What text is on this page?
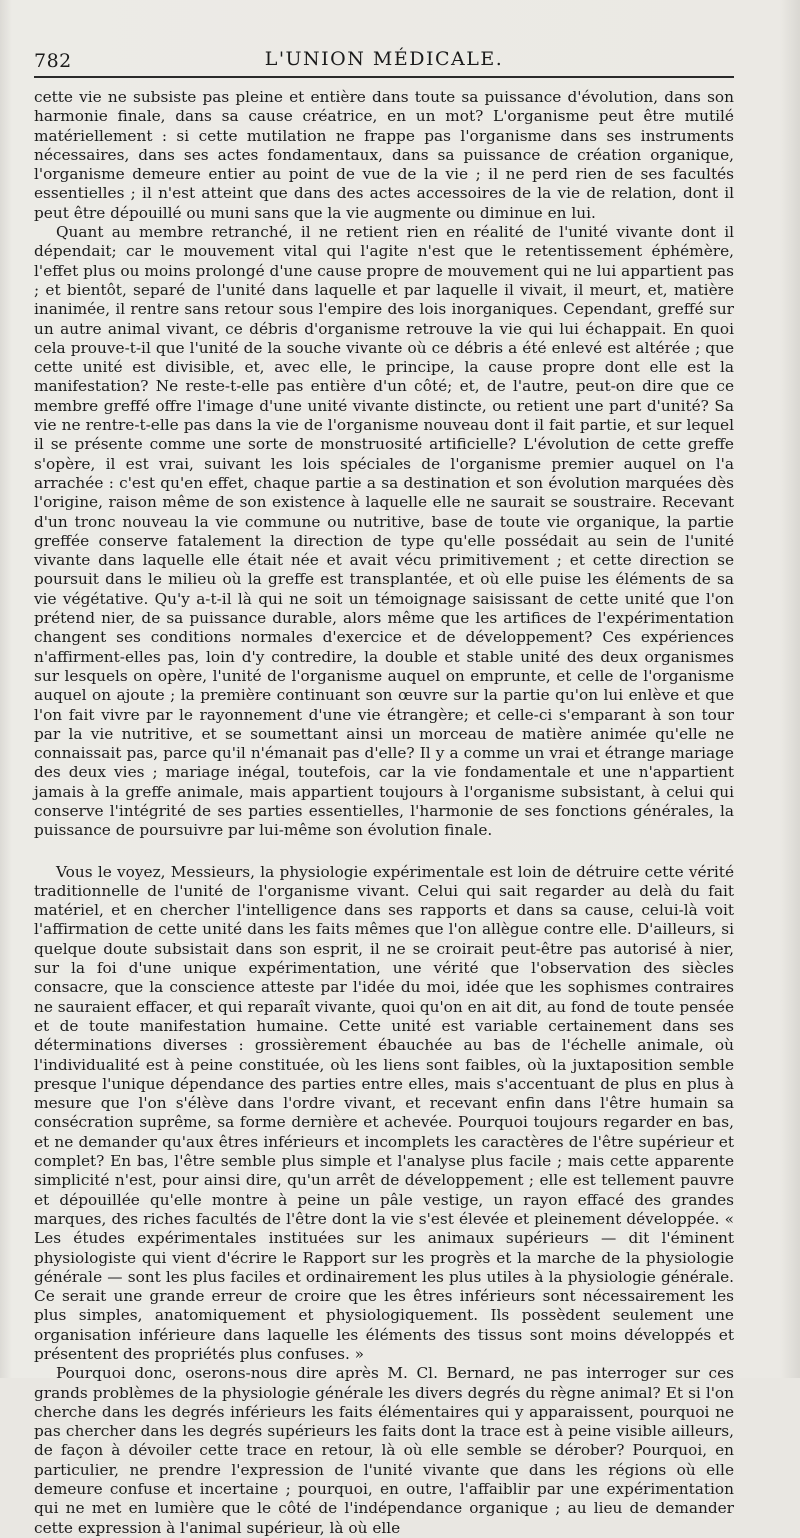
782	L'UNION MÉDICALE.

cette vie ne subsiste pas pleine et entière dans toute sa puissance d'évolution, dans son harmonie finale, dans sa cause créatrice, en un mot? L'organisme peut être mutilé matériellement : si cette mutilation ne frappe pas l'organisme dans ses instruments nécessaires, dans ses actes fondamentaux, dans sa puissance de création organique, l'organisme demeure entier au point de vue de la vie ; il ne perd rien de ses facultés essentielles ; il n'est atteint que dans des actes accessoires de la vie de relation, dont il peut être dépouillé ou muni sans que la vie augmente ou diminue en lui.

Quant au membre retranché, il ne retient rien en réalité de l'unité vivante dont il dépendait; car le mouvement vital qui l'agite n'est que le retentissement éphémère, l'effet plus ou moins prolongé d'une cause propre de mouvement qui ne lui appartient pas ; et bientôt, separé de l'unité dans laquelle et par laquelle il vivait, il meurt, et, matière inanimée, il rentre sans retour sous l'empire des lois inorganiques. Cependant, greffé sur un autre animal vivant, ce débris d'organisme retrouve la vie qui lui échappait. En quoi cela prouve-t-il que l'unité de la souche vivante où ce débris a été enlevé est altérée ; que cette unité est divisible, et, avec elle, le principe, la cause propre dont elle est la manifestation? Ne reste-t-elle pas entière d'un côté; et, de l'autre, peut-on dire que ce membre greffé offre l'image d'une unité vivante distincte, ou retient une part d'unité? Sa vie ne rentre-t-elle pas dans la vie de l'organisme nouveau dont il fait partie, et sur lequel il se présente comme une sorte de monstruosité artificielle? L'évolution de cette greffe s'opère, il est vrai, suivant les lois spéciales de l'organisme premier auquel on l'a arrachée : c'est qu'en effet, chaque partie a sa destination et son évolution marquées dès l'origine, raison même de son existence à laquelle elle ne saurait se soustraire. Recevant d'un tronc nouveau la vie commune ou nutritive, base de toute vie organique, la partie greffée conserve fatalement la direction de type qu'elle possédait au sein de l'unité vivante dans laquelle elle était née et avait vécu primitivement ; et cette direction se poursuit dans le milieu où la greffe est transplantée, et où elle puise les éléments de sa vie végétative. Qu'y a-t-il là qui ne soit un témoignage saisissant de cette unité que l'on prétend nier, de sa puissance durable, alors même que les artifices de l'expérimentation changent ses conditions normales d'exercice et de développement? Ces expériences n'affirment-elles pas, loin d'y contredire, la double et stable unité des deux organismes sur lesquels on opère, l'unité de l'organisme auquel on emprunte, et celle de l'organisme auquel on ajoute ; la première continuant son œuvre sur la partie qu'on lui enlève et que l'on fait vivre par le rayonnement d'une vie étrangère; et celle-ci s'emparant à son tour par la vie nutritive, et se soumettant ainsi un morceau de matière animée qu'elle ne connaissait pas, parce qu'il n'émanait pas d'elle? Il y a comme un vrai et étrange mariage des deux vies ; mariage inégal, toutefois, car la vie fondamentale et une n'appartient jamais à la greffe animale, mais appartient toujours à l'organisme subsistant, à celui qui conserve l'intégrité de ses parties essentielles, l'harmonie de ses fonctions générales, la puissance de poursuivre par lui-même son évolution finale.

Vous le voyez, Messieurs, la physiologie expérimentale est loin de détruire cette vérité traditionnelle de l'unité de l'organisme vivant. Celui qui sait regarder au delà du fait matériel, et en chercher l'intelligence dans ses rapports et dans sa cause, celui-là voit l'affirmation de cette unité dans les faits mêmes que l'on allègue contre elle. D'ailleurs, si quelque doute subsistait dans son esprit, il ne se croirait peut-être pas autorisé à nier, sur la foi d'une unique expérimentation, une vérité que l'observation des siècles consacre, que la conscience atteste par l'idée du moi, idée que les sophismes contraires ne sauraient effacer, et qui reparaît vivante, quoi qu'on en ait dit, au fond de toute pensée et de toute manifestation humaine. Cette unité est variable certainement dans ses déterminations diverses : grossièrement ébauchée au bas de l'échelle animale, où l'individualité est à peine constituée, où les liens sont faibles, où la juxtaposition semble presque l'unique dépendance des parties entre elles, mais s'accentuant de plus en plus à mesure que l'on s'élève dans l'ordre vivant, et recevant enfin dans l'être humain sa consécration suprême, sa forme dernière et achevée. Pourquoi toujours regarder en bas, et ne demander qu'aux êtres inférieurs et incomplets les caractères de l'être supérieur et complet? En bas, l'être semble plus simple et l'analyse plus facile ; mais cette apparente simplicité n'est, pour ainsi dire, qu'un arrêt de développement ; elle est tellement pauvre et dépouillée qu'elle montre à peine un pâle vestige, un rayon effacé des grandes marques, des riches facultés de l'être dont la vie s'est élevée et pleinement développée. « Les études expérimentales instituées sur les animaux supérieurs — dit l'éminent physiologiste qui vient d'écrire le Rapport sur les progrès et la marche de la physiologie générale — sont les plus faciles et ordinairement les plus utiles à la physiologie générale. Ce serait une grande erreur de croire que les êtres inférieurs sont nécessairement les plus simples, anatomiquement et physiologiquement. Ils possèdent seulement une organisation inférieure dans laquelle les éléments des tissus sont moins développés et présentent des propriétés plus confuses. »

Pourquoi donc, oserons-nous dire après M. Cl. Bernard, ne pas interroger sur ces grands problèmes de la physiologie générale les divers degrés du règne animal? Et si l'on cherche dans les degrés inférieurs les faits élémentaires qui y apparaissent, pourquoi ne pas chercher dans les degrés supérieurs les faits dont la trace est à peine visible ailleurs, de façon à dévoiler cette trace en retour, là où elle semble se dérober? Pourquoi, en particulier, ne prendre l'expression de l'unité vivante que dans les régions où elle demeure confuse et incertaine ; pourquoi, en outre, l'affaiblir par une expérimentation qui ne met en lumière que le côté de l'indépendance organique ; au lieu de demander cette expression à l'animal supérieur, là où elle
